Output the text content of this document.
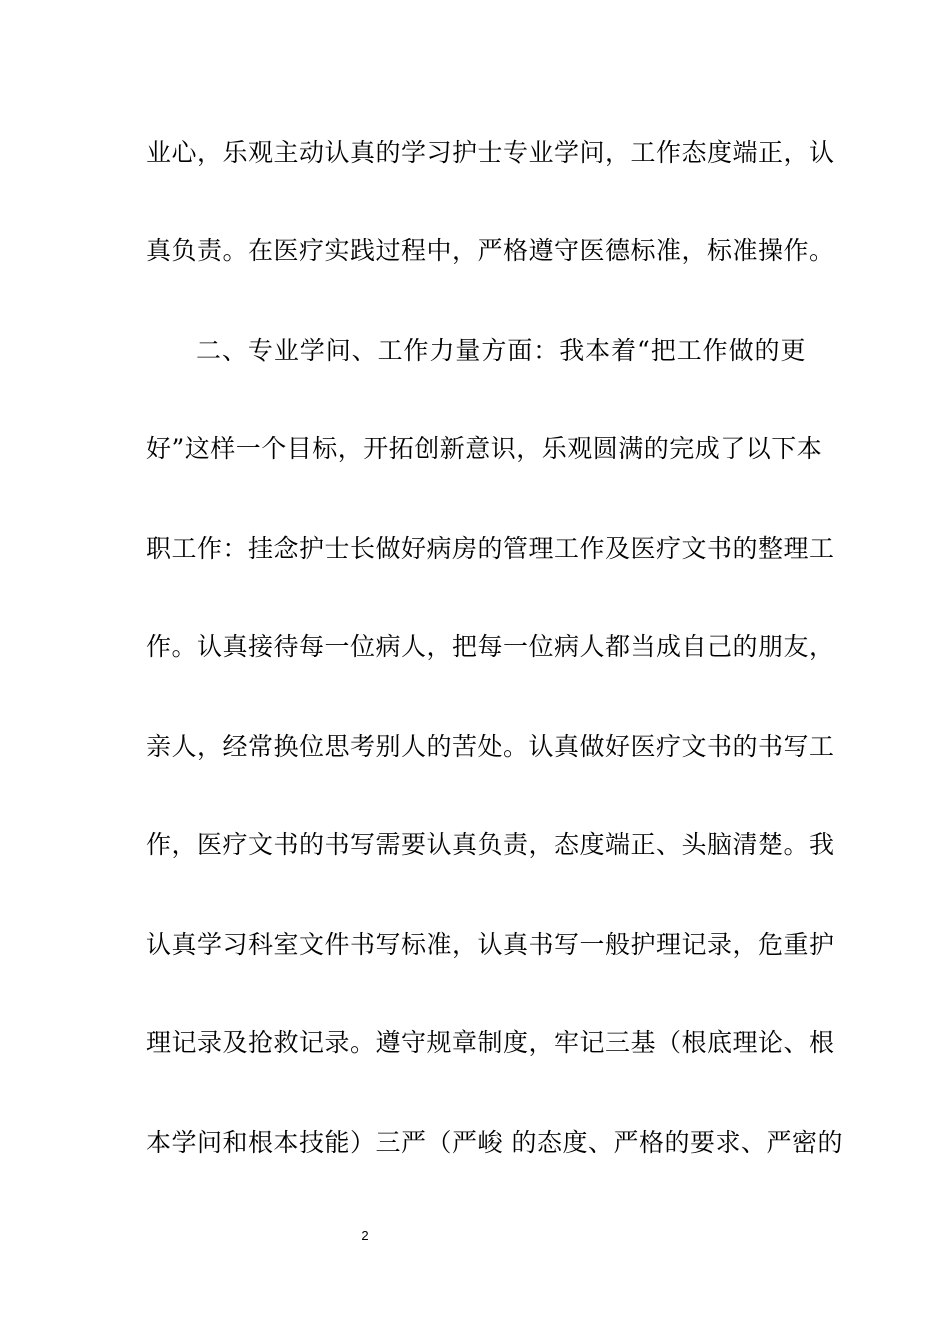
业心，乐观主动认真的学习护士专业学问，工作态度端正，认
真负责。在医疗实践过程中，严格遵守医德标准，标准操作。
二、专业学问、工作力量方面：我本着“把工作做的更
好”这样一个目标，开拓创新意识，乐观圆满的完成了以下本
职工作：挂念护士长做好病房的管理工作及医疗文书的整理工
作。认真接待每一位病人，把每一位病人都当成自己的朋友，
亲人，经常换位思考别人的苦处。认真做好医疗文书的书写工
作，医疗文书的书写需要认真负责，态度端正、头脑清楚。我
认真学习科室文件书写标准，认真书写一般护理记录，危重护
理记录及抢救记录。遵守规章制度，牢记三基（根底理论、根
本学问和根本技能）三严（严峻 的态度、严格的要求、严密的
2
